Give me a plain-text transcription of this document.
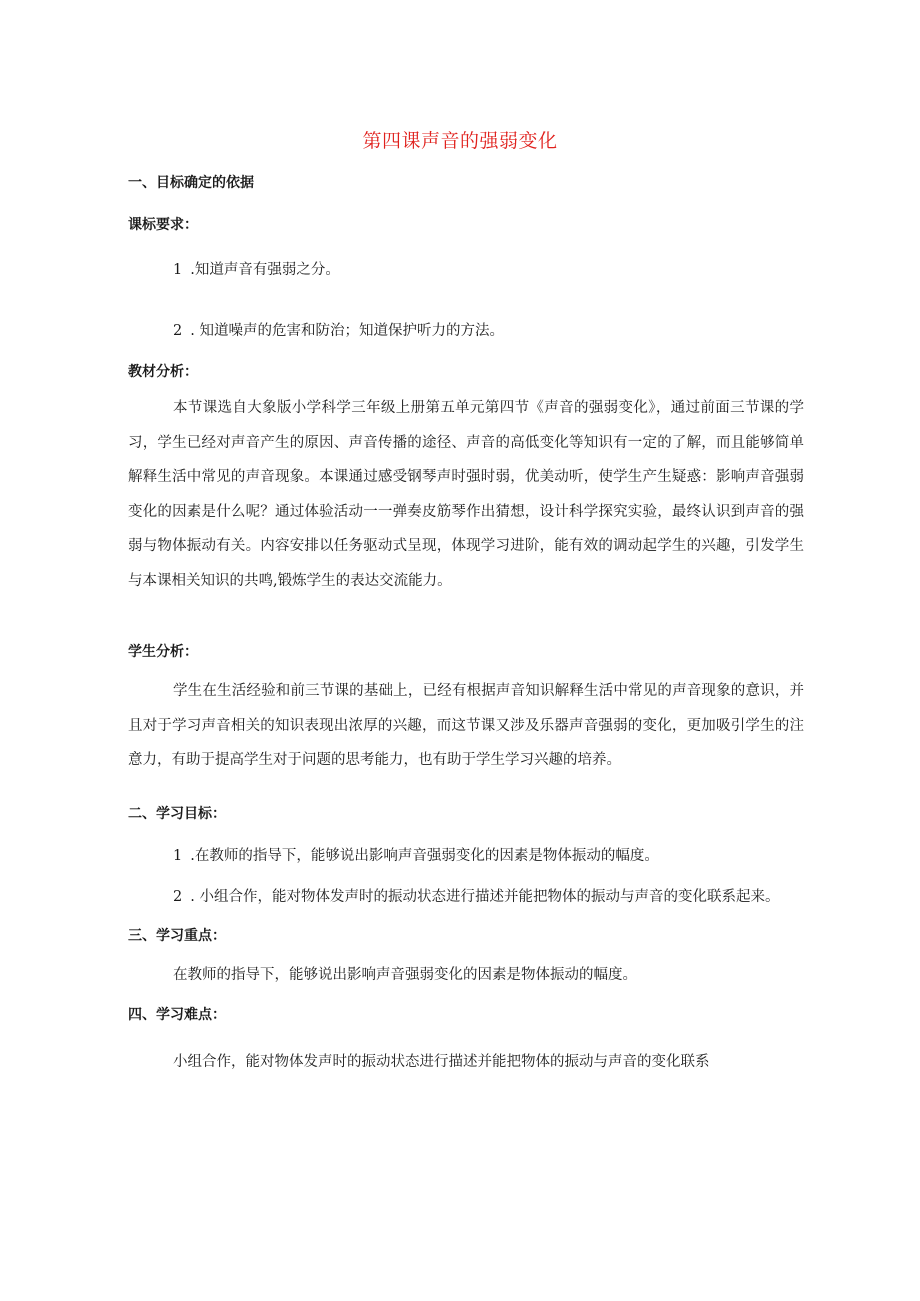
第四课声音的强弱变化
一、目标确定的依据
课标要求：
1 .知道声音有强弱之分。
2 . 知道噪声的危害和防治；知道保护听力的方法。
教材分析：
本节课选自大象版小学科学三年级上册第五单元第四节《声音的强弱变化》，通过前面三节课的学习，学生已经对声音产生的原因、声音传播的途径、声音的高低变化等知识有一定的了解，而且能够简单解释生活中常见的声音现象。本课通过感受钢琴声时强时弱，优美动听，使学生产生疑惑：影响声音强弱变化的因素是什么呢？通过体验活动一一弹奏皮筋琴作出猜想，设计科学探究实验，最终认识到声音的强弱与物体振动有关。内容安排以任务驱动式呈现，体现学习进阶，能有效的调动起学生的兴趣，引发学生与本课相关知识的共鸣,锻炼学生的表达交流能力。
学生分析：
学生在生活经验和前三节课的基础上，已经有根据声音知识解释生活中常见的声音现象的意识，并且对于学习声音相关的知识表现出浓厚的兴趣，而这节课又涉及乐器声音强弱的变化，更加吸引学生的注意力，有助于提高学生对于问题的思考能力，也有助于学生学习兴趣的培养。
二、学习目标：
1 .在教师的指导下，能够说出影响声音强弱变化的因素是物体振动的幅度。
2 . 小组合作，能对物体发声时的振动状态进行描述并能把物体的振动与声音的变化联系起来。
三、学习重点：
在教师的指导下，能够说出影响声音强弱变化的因素是物体振动的幅度。
四、学习难点：
小组合作，能对物体发声时的振动状态进行描述并能把物体的振动与声音的变化联系
